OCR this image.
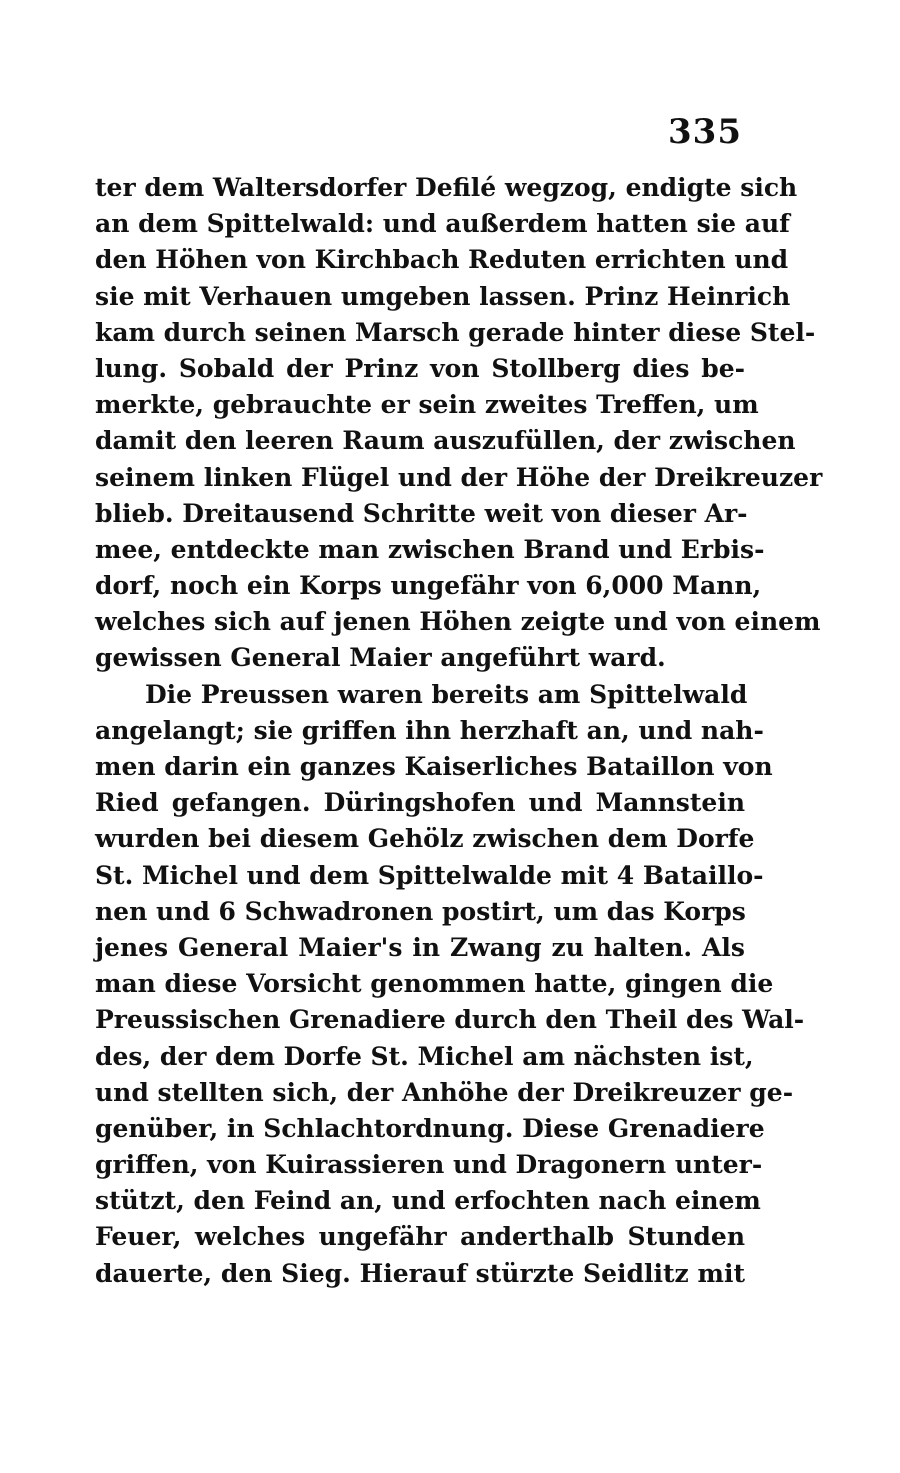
335
ter dem Waltersdorfer Defilé wegzog, endigte sich
an dem Spittelwald: und außerdem hatten sie auf
den Höhen von Kirchbach Reduten errichten und
sie mit Verhauen umgeben lassen. Prinz Heinrich
kam durch seinen Marsch gerade hinter diese Stel-
lung. Sobald der Prinz von Stollberg dies be-
merkte, gebrauchte er sein zweites Treffen, um
damit den leeren Raum auszufüllen, der zwischen
seinem linken Flügel und der Höhe der Dreikreuzer
blieb. Dreitausend Schritte weit von dieser Ar-
mee, entdeckte man zwischen Brand und Erbis-
dorf, noch ein Korps ungefähr von 6,000 Mann,
welches sich auf jenen Höhen zeigte und von einem
gewissen General Maier angeführt ward.
Die Preussen waren bereits am Spittelwald
angelangt; sie griffen ihn herzhaft an, und nah-
men darin ein ganzes Kaiserliches Bataillon von
Ried gefangen. Düringshofen und Mannstein
wurden bei diesem Gehölz zwischen dem Dorfe
St. Michel und dem Spittelwalde mit 4 Bataillo-
nen und 6 Schwadronen postirt, um das Korps
jenes General Maier's in Zwang zu halten. Als
man diese Vorsicht genommen hatte, gingen die
Preussischen Grenadiere durch den Theil des Wal-
des, der dem Dorfe St. Michel am nächsten ist,
und stellten sich, der Anhöhe der Dreikreuzer ge-
genüber, in Schlachtordnung. Diese Grenadiere
griffen, von Kuirassieren und Dragonern unter-
stützt, den Feind an, und erfochten nach einem
Feuer, welches ungefähr anderthalb Stunden
dauerte, den Sieg. Hierauf stürzte Seidlitz mit
